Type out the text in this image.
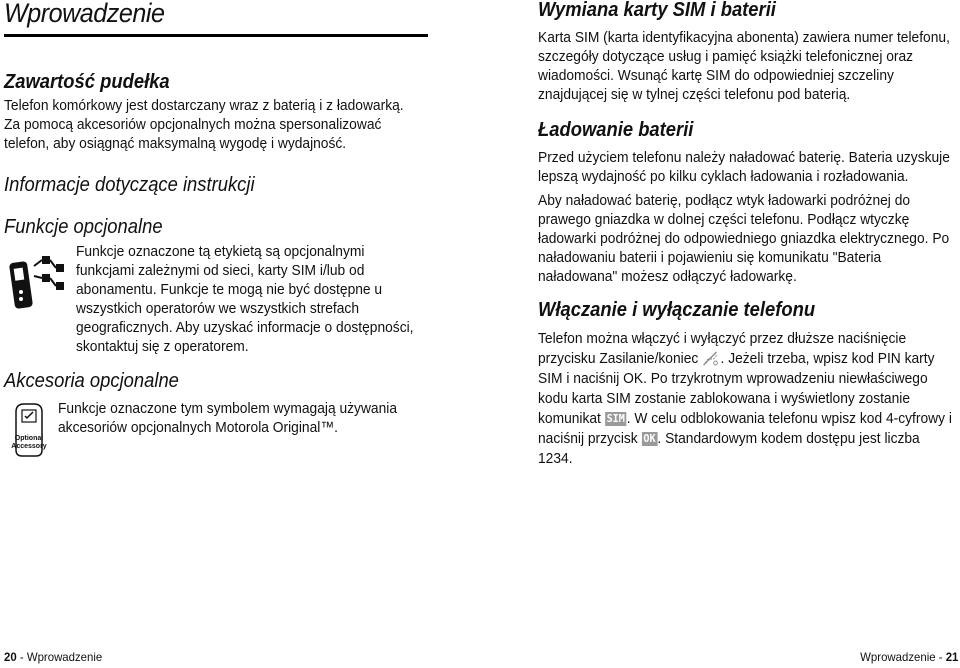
Wprowadzenie
Zawartość pudełka

Telefon komórkowy jest dostarczany wraz z baterią i z ładowarką. Za pomocą akcesoriów opcjonalnych można spersonalizować telefon, aby osiągnąć maksymalną wygodę i wydajność.

Informacje dotyczące instrukcji
Funkcje opcjonalne

Funkcje oznaczone tą etykietą są opcjonalnymi funkcjami zależnymi od sieci, karty SIM i/lub od abonamentu. Funkcje te mogą nie być dostępne u wszystkich operatorów we wszystkich strefach geograficznych. Aby uzyskać informacje o dostępności, skontaktuj się z operatorem.

Akcesoria opcjonalne
Optional
Accessory

Funkcje oznaczone tym symbolem wymagają używania akcesoriów opcjonalnych Motorola Original™.

20 - Wprowadzenie
Wymiana karty SIM i baterii

Karta SIM (karta identyfikacyjna abonenta) zawiera numer telefonu, szczegóły dotyczące usług i pamięć książki telefonicznej oraz wiadomości. Wsunąć kartę SIM do odpowiedniej szczeliny znajdującej się w tylnej części telefonu pod baterią.

Ładowanie baterii

Przed użyciem telefonu należy naładować baterię. Bateria uzyskuje lepszą wydajność po kilku cyklach ładowania i rozładowania.

Aby naładować baterię, podłącz wtyk ładowarki podróżnej do prawego gniazdka w dolnej części telefonu. Podłącz wtyczkę ładowarki podróżnej do odpowiedniego gniazdka elektrycznego. Po naładowaniu baterii i pojawieniu się komunikatu "Bateria naładowana" możesz odłączyć ładowarkę.

Włączanie i wyłączanie telefonu

Telefon można włączyć i wyłączyć przez dłuższe naciśnięcie przycisku Zasilanie/koniec . Jeżeli trzeba, wpisz kod PIN karty SIM i naciśnij OK. Po trzykrotnym wprowadzeniu niewłaściwego kodu karta SIM zostanie zablokowana i wyświetlony zostanie komunikat SIM . W celu odblokowania telefonu wpisz kod 4-cyfrowy i naciśnij przycisk OK . Standardowym kodem dostępu jest liczba 1234.

Wprowadzenie - 21
